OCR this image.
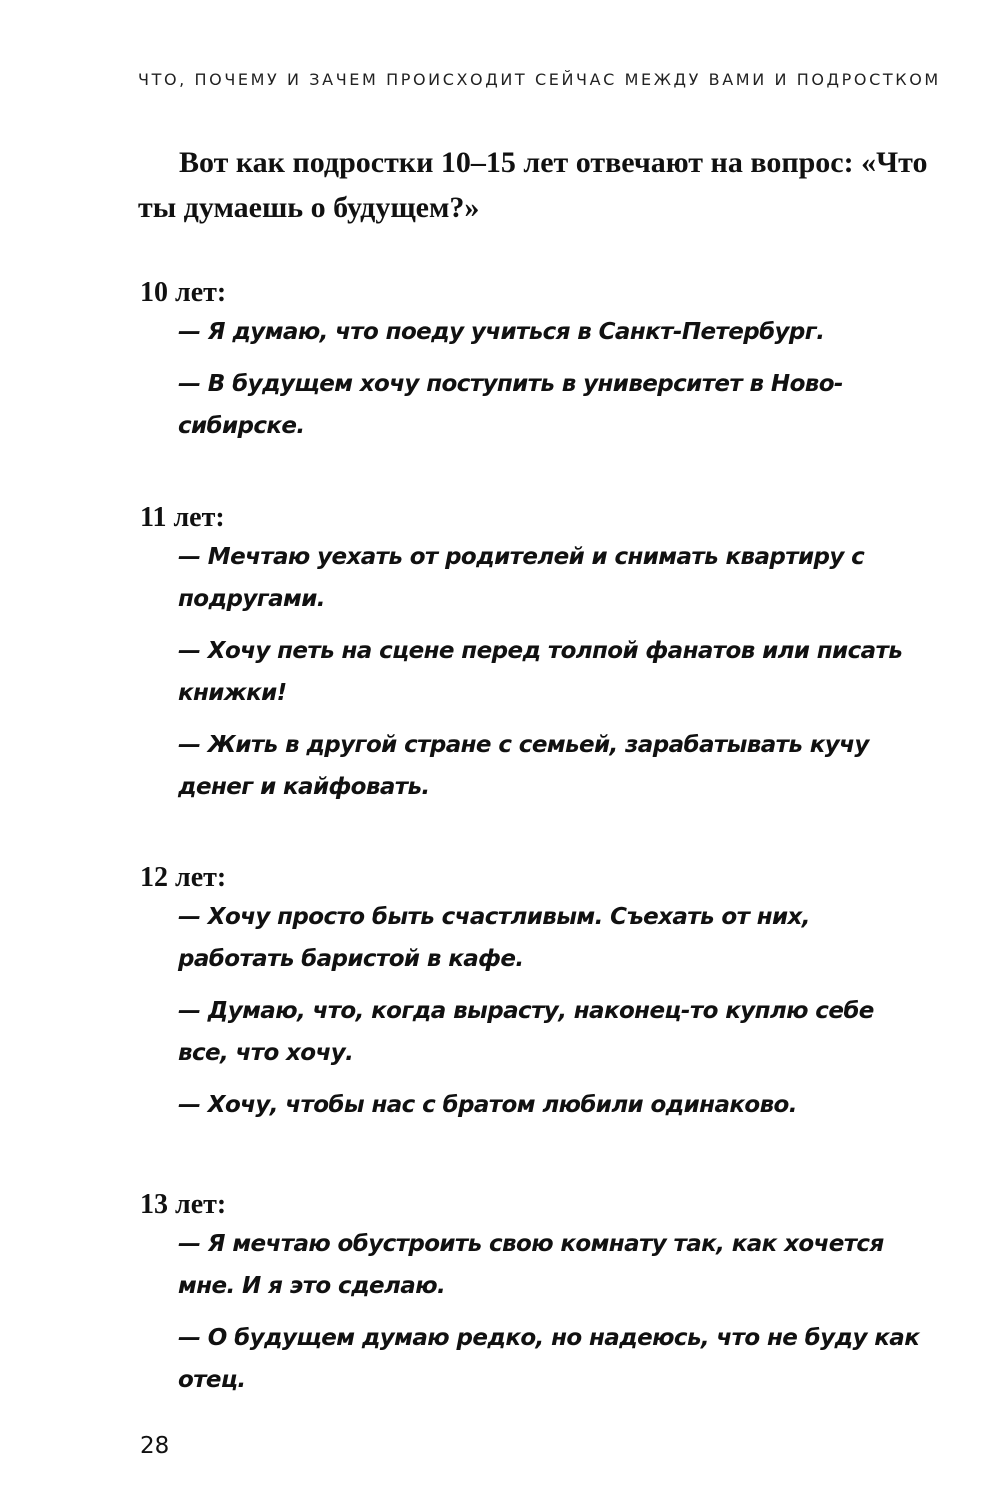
ЧТО, ПОЧЕМУ И ЗАЧЕМ ПРОИСХОДИТ СЕЙЧАС МЕЖДУ ВАМИ И ПОДРОСТКОМ

Вот как подростки 10–15 лет отвечают на вопрос: «Что ты думаешь о будущем?»

10 лет:

— Я думаю, что поеду учиться в Санкт-Петербург.

— В будущем хочу поступить в университет в Ново-сибирске.

11 лет:

— Мечтаю уехать от родителей и снимать квартиру с подругами.

— Хочу петь на сцене перед толпой фанатов или писать книжки!

— Жить в другой стране с семьей, зарабатывать кучу денег и кайфовать.

12 лет:

— Хочу просто быть счастливым. Съехать от них, работать баристой в кафе.

— Думаю, что, когда вырасту, наконец-то куплю себе все, что хочу.

— Хочу, чтобы нас с братом любили одинаково.

13 лет:

— Я мечтаю обустроить свою комнату так, как хочется мне. И я это сделаю.

— О будущем думаю редко, но надеюсь, что не буду как отец.

28
